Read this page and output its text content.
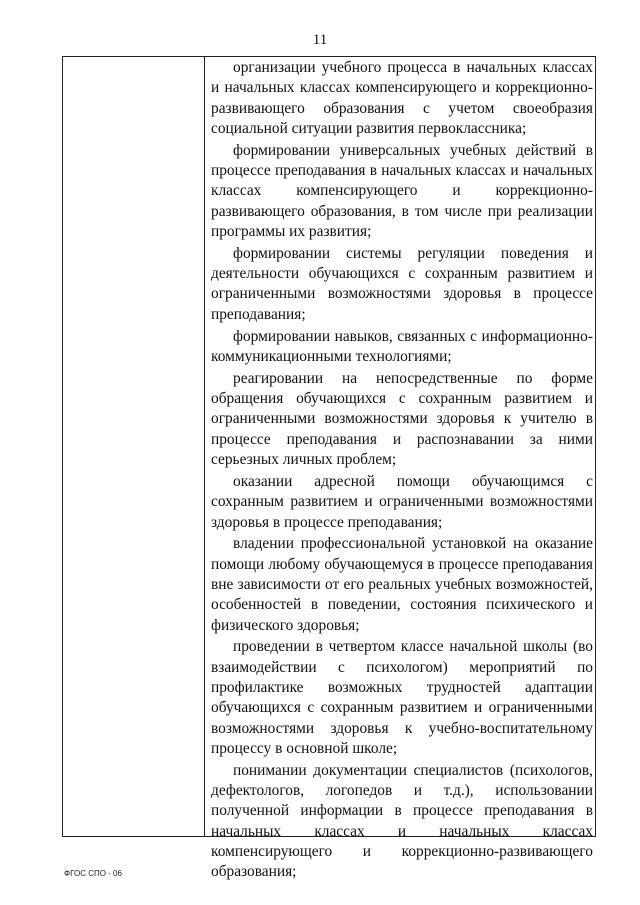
11

организации учебного процесса в начальных классах и начальных классах компенсирующего и коррекционно-развивающего образования с учетом своеобразия социальной ситуации развития первоклассника;

формировании универсальных учебных действий в процессе преподавания в начальных классах и начальных классах компенсирующего и коррекционно-развивающего образования, в том числе при реализации программы их развития;

формировании системы регуляции поведения и деятельности обучающихся с сохранным развитием и ограниченными возможностями здоровья в процессе преподавания;

формировании навыков, связанных с информационно-коммуникационными технологиями;

реагировании на непосредственные по форме обращения обучающихся с сохранным развитием и ограниченными возможностями здоровья к учителю в процессе преподавания и распознавании за ними серьезных личных проблем;

оказании адресной помощи обучающимся с сохранным развитием и ограниченными возможностями здоровья в процессе преподавания;

владении профессиональной установкой на оказание помощи любому обучающемуся в процессе преподавания вне зависимости от его реальных учебных возможностей, особенностей в поведении, состояния психического и физического здоровья;

проведении в четвертом классе начальной школы (во взаимодействии с психологом) мероприятий по профилактике возможных трудностей адаптации обучающихся с сохранным развитием и ограниченными возможностями здоровья к учебно-воспитательному процессу в основной школе;

понимании документации специалистов (психологов, дефектологов, логопедов и т.д.), использовании полученной информации в процессе преподавания в начальных классах и начальных классах компенсирующего и коррекционно-развивающего образования;

ФГОС СПО - 06
